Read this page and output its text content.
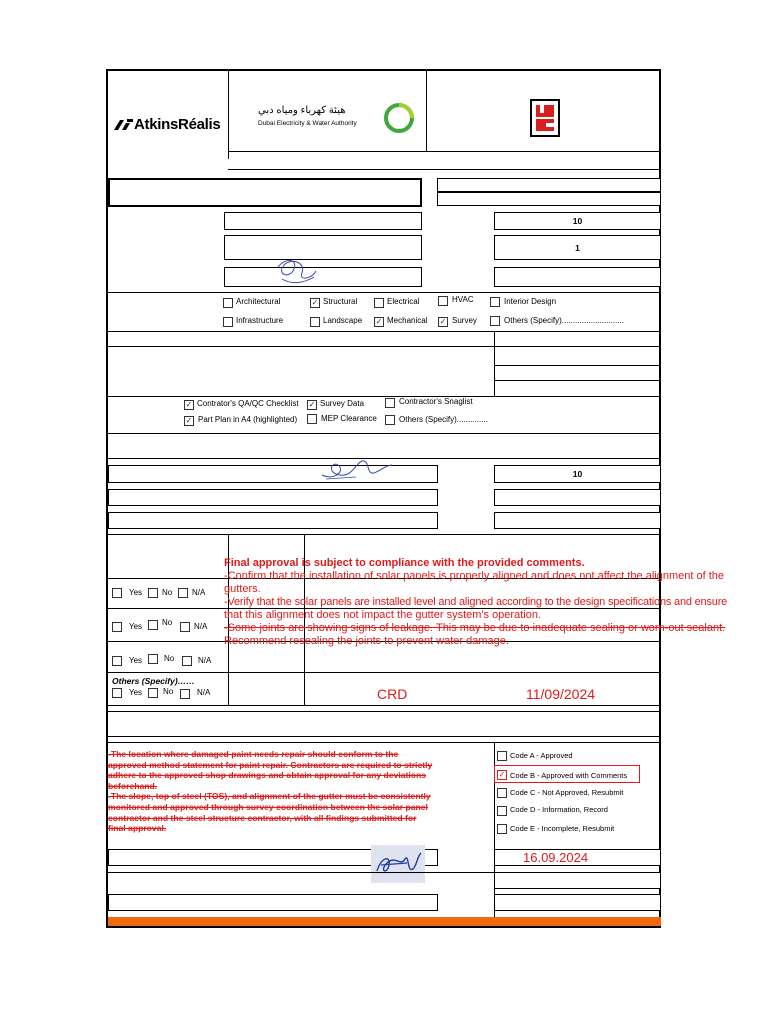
AtkinsRéalis
هيئة كهرباء ومياه دبي
Dubai Electricity & Water Authority
10
1
Architectural	✓ Structural	Electrical	HVAC	Interior Design
Infrastructure	Landscape ✓ Mechanical ✓ Survey	Others (Specify)............................
✓ Contrator's QA/QC Checklist ✓ Survey Data	Contractor's Snaglist
✓ Part Plan in A4 (highlighted)	MEP Clearance	Others (Specify)..............
10
Yes No N/A
Yes No	N/A
Yes	No	N/A
Others (Specify)……
Yes	No	N/A
Code A - Approved
✓ Code B - Approved with Comments
Code C - Not Approved, Resubmit
Code D - Information, Record
Code E - Incomplete, Resubmit
-The location where damaged paint needs repair should conform to the
approved method statement for paint repair. Contractors are required to strictly
adhere to the approved shop drawings and obtain approval for any deviations
beforehand.
-The slope, top of steel (TOS), and alignment of the gutter must be consistently
monitored and approved through survey coordination between the solar panel
contractor and the steel structure contractor, with all findings submitted for
final approval.
16.09.2024
Final approval is subject to compliance with the provided comments.
-Confirm that the installation of solar panels is properly aligned and does not affect the alignment of the
gutters.
-Verify that the solar panels are installed level and aligned according to the design specifications and ensure
that this alignment does not impact the gutter system's operation.
-Some joints are showing signs of leakage. This may be due to inadequate sealing or worn-out sealant.
Recommend resealing the joints to prevent water damage.
CRD	11/09/2024
